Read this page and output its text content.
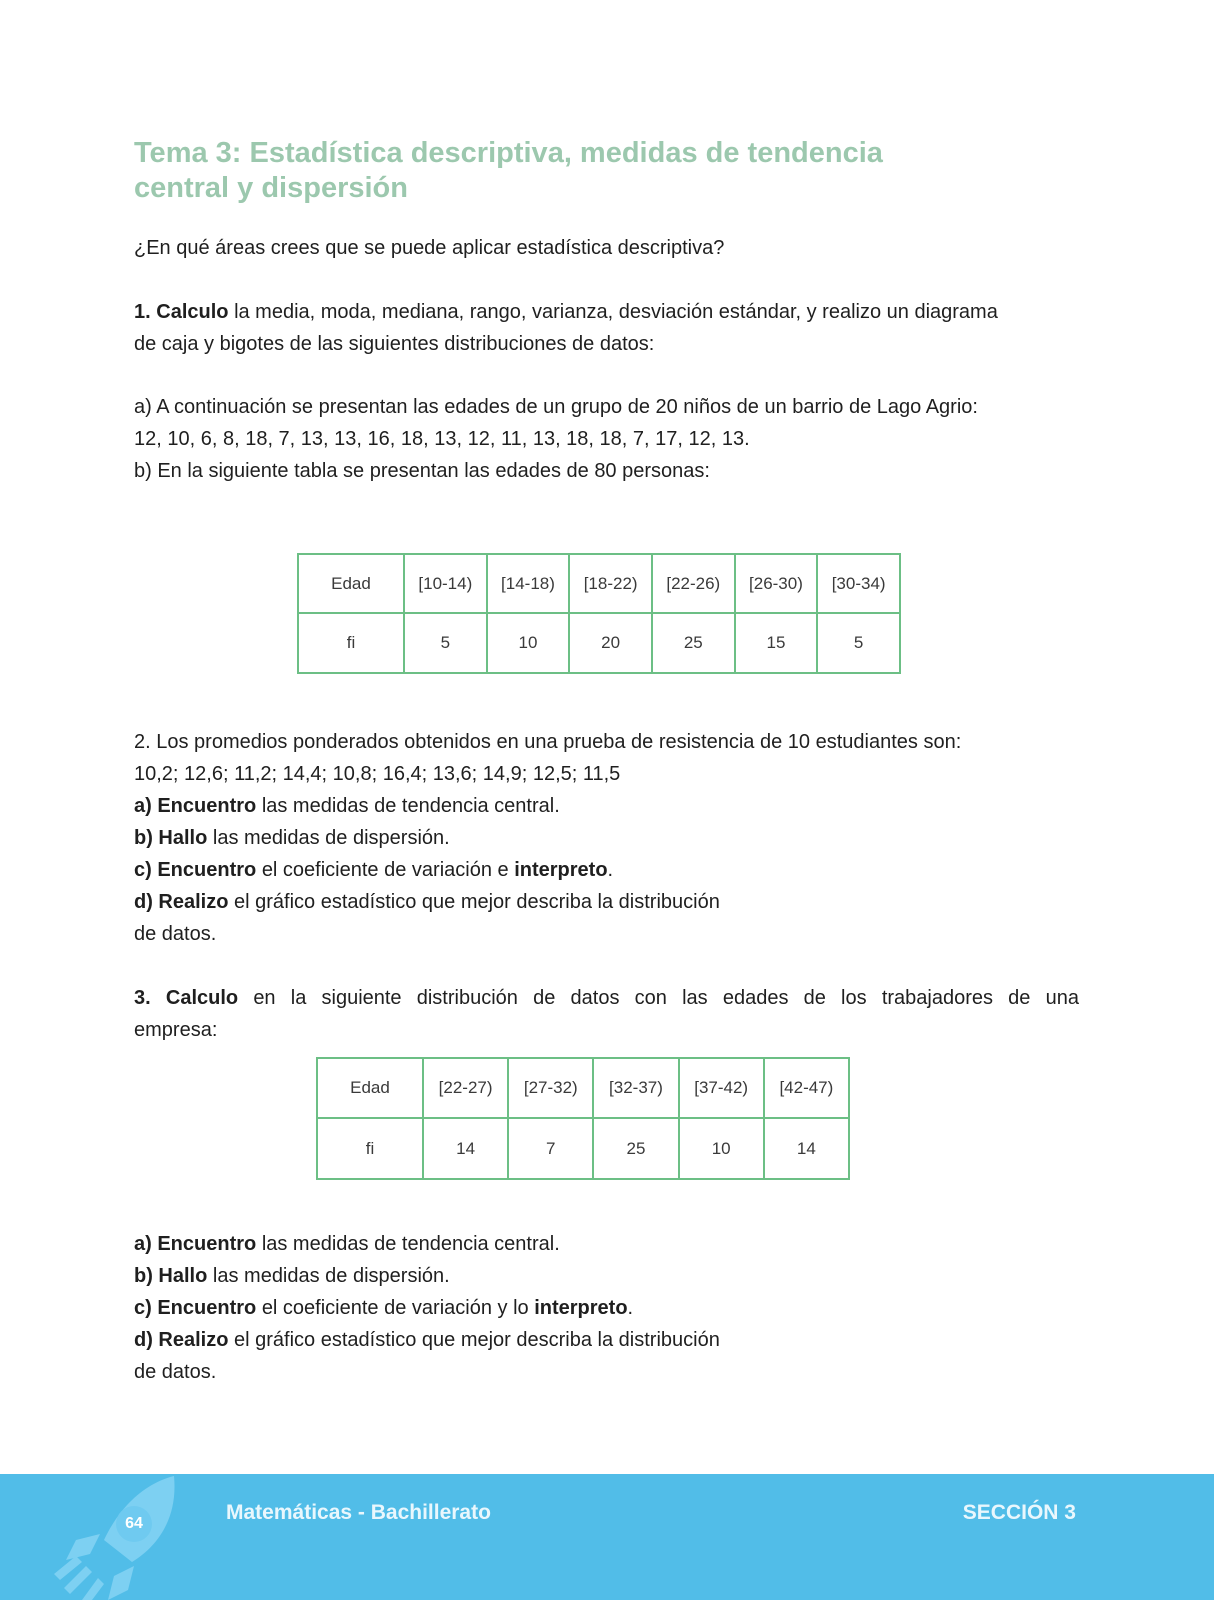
Tema 3: Estadística descriptiva, medidas de tendencia
central y dispersión
¿En qué áreas crees que se puede aplicar estadística descriptiva?
1. Calculo la media, moda, mediana, rango, varianza, desviación estándar, y realizo un diagrama
de caja y bigotes de las siguientes distribuciones de datos:
a) A continuación se presentan las edades de un grupo de 20 niños de un barrio de Lago Agrio:
12, 10, 6, 8, 18, 7, 13, 13, 16, 18, 13, 12, 11, 13, 18, 18, 7, 17, 12, 13.
b) En la siguiente tabla se presentan las edades de 80 personas:
Edad	[10-14)	[14-18)	[18-22)	[22-26)	[26-30)	[30-34)
fi	5	10	20	25	15	5
2. Los promedios ponderados obtenidos en una prueba de resistencia de 10 estudiantes son:
10,2; 12,6; 11,2; 14,4; 10,8; 16,4; 13,6; 14,9; 12,5; 11,5
a) Encuentro las medidas de tendencia central.
b) Hallo las medidas de dispersión.
c) Encuentro el coeficiente de variación e interpreto.
d) Realizo el gráfico estadístico que mejor describa la distribución
de datos.
3. Calculo en la siguiente distribución de datos con las edades de los trabajadores de una
empresa:
Edad	[22-27)	[27-32)	[32-37)	[37-42)	[42-47)
fi	14	7	25	10	14
a) Encuentro las medidas de tendencia central.
b) Hallo las medidas de dispersión.
c) Encuentro el coeficiente de variación y lo interpreto.
d) Realizo el gráfico estadístico que mejor describa la distribución
de datos.
64	Matemáticas - Bachillerato	SECCIÓN 3
